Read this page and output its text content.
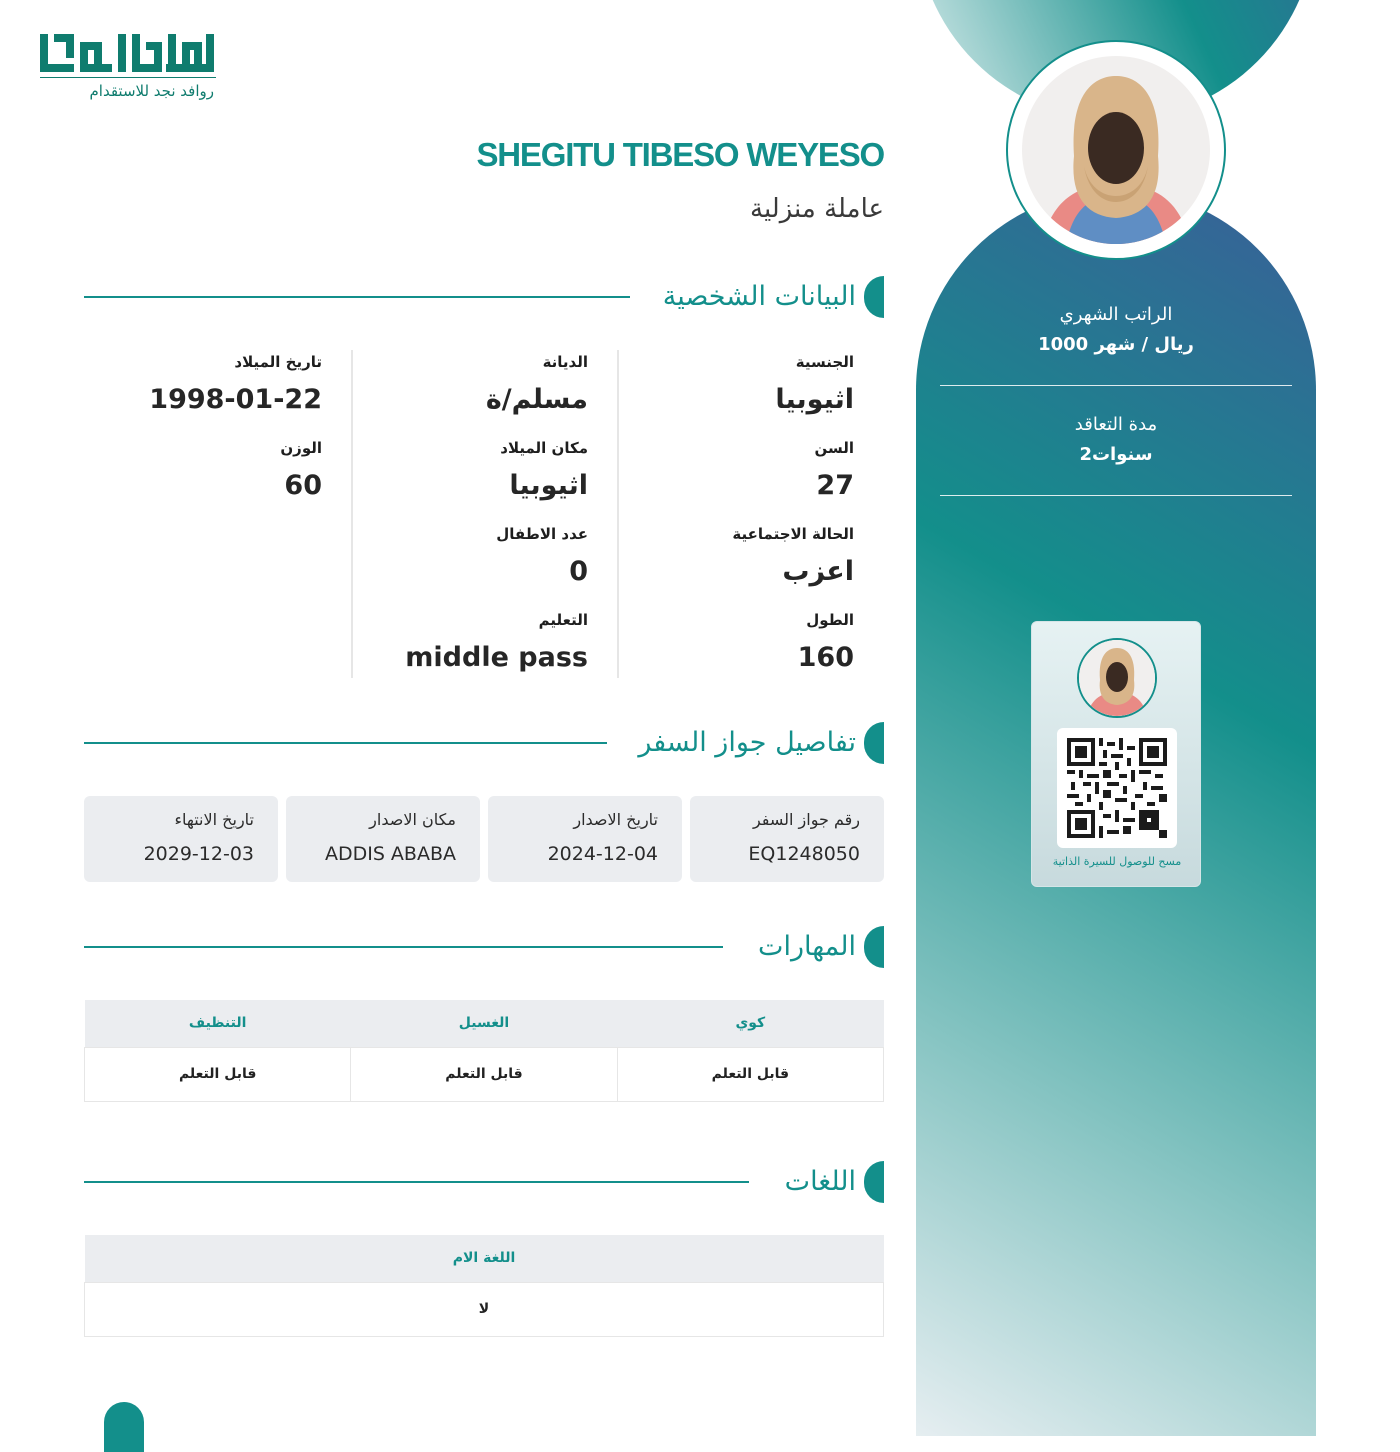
روافد نجد للاستقدام
الراتب الشهري
1000 ريال / شهر
مدة التعاقد
2سنوات
مسح للوصول للسيرة الذاتية
SHEGITU TIBESO WEYESO
عاملة منزلية
البيانات الشخصية
الجنسية
اثيوبيا
السن
27
الحالة الاجتماعية
اعزب
الطول
160
الديانة
مسلم/ة
مكان الميلاد
اثيوبيا
عدد الاطفال
0
التعليم
middle pass
تاريخ الميلاد
1998-01-22
الوزن
60
تفاصيل جواز السفر
رقم جواز السفر
EQ1248050
تاريخ الاصدار
2024-12-04
مكان الاصدار
ADDIS ABABA
تاريخ الانتهاء
2029-12-03
المهارات
كوي	الغسيل	التنظيف
قابل التعلم	قابل التعلم	قابل التعلم
اللغات
اللغة الام
لا
